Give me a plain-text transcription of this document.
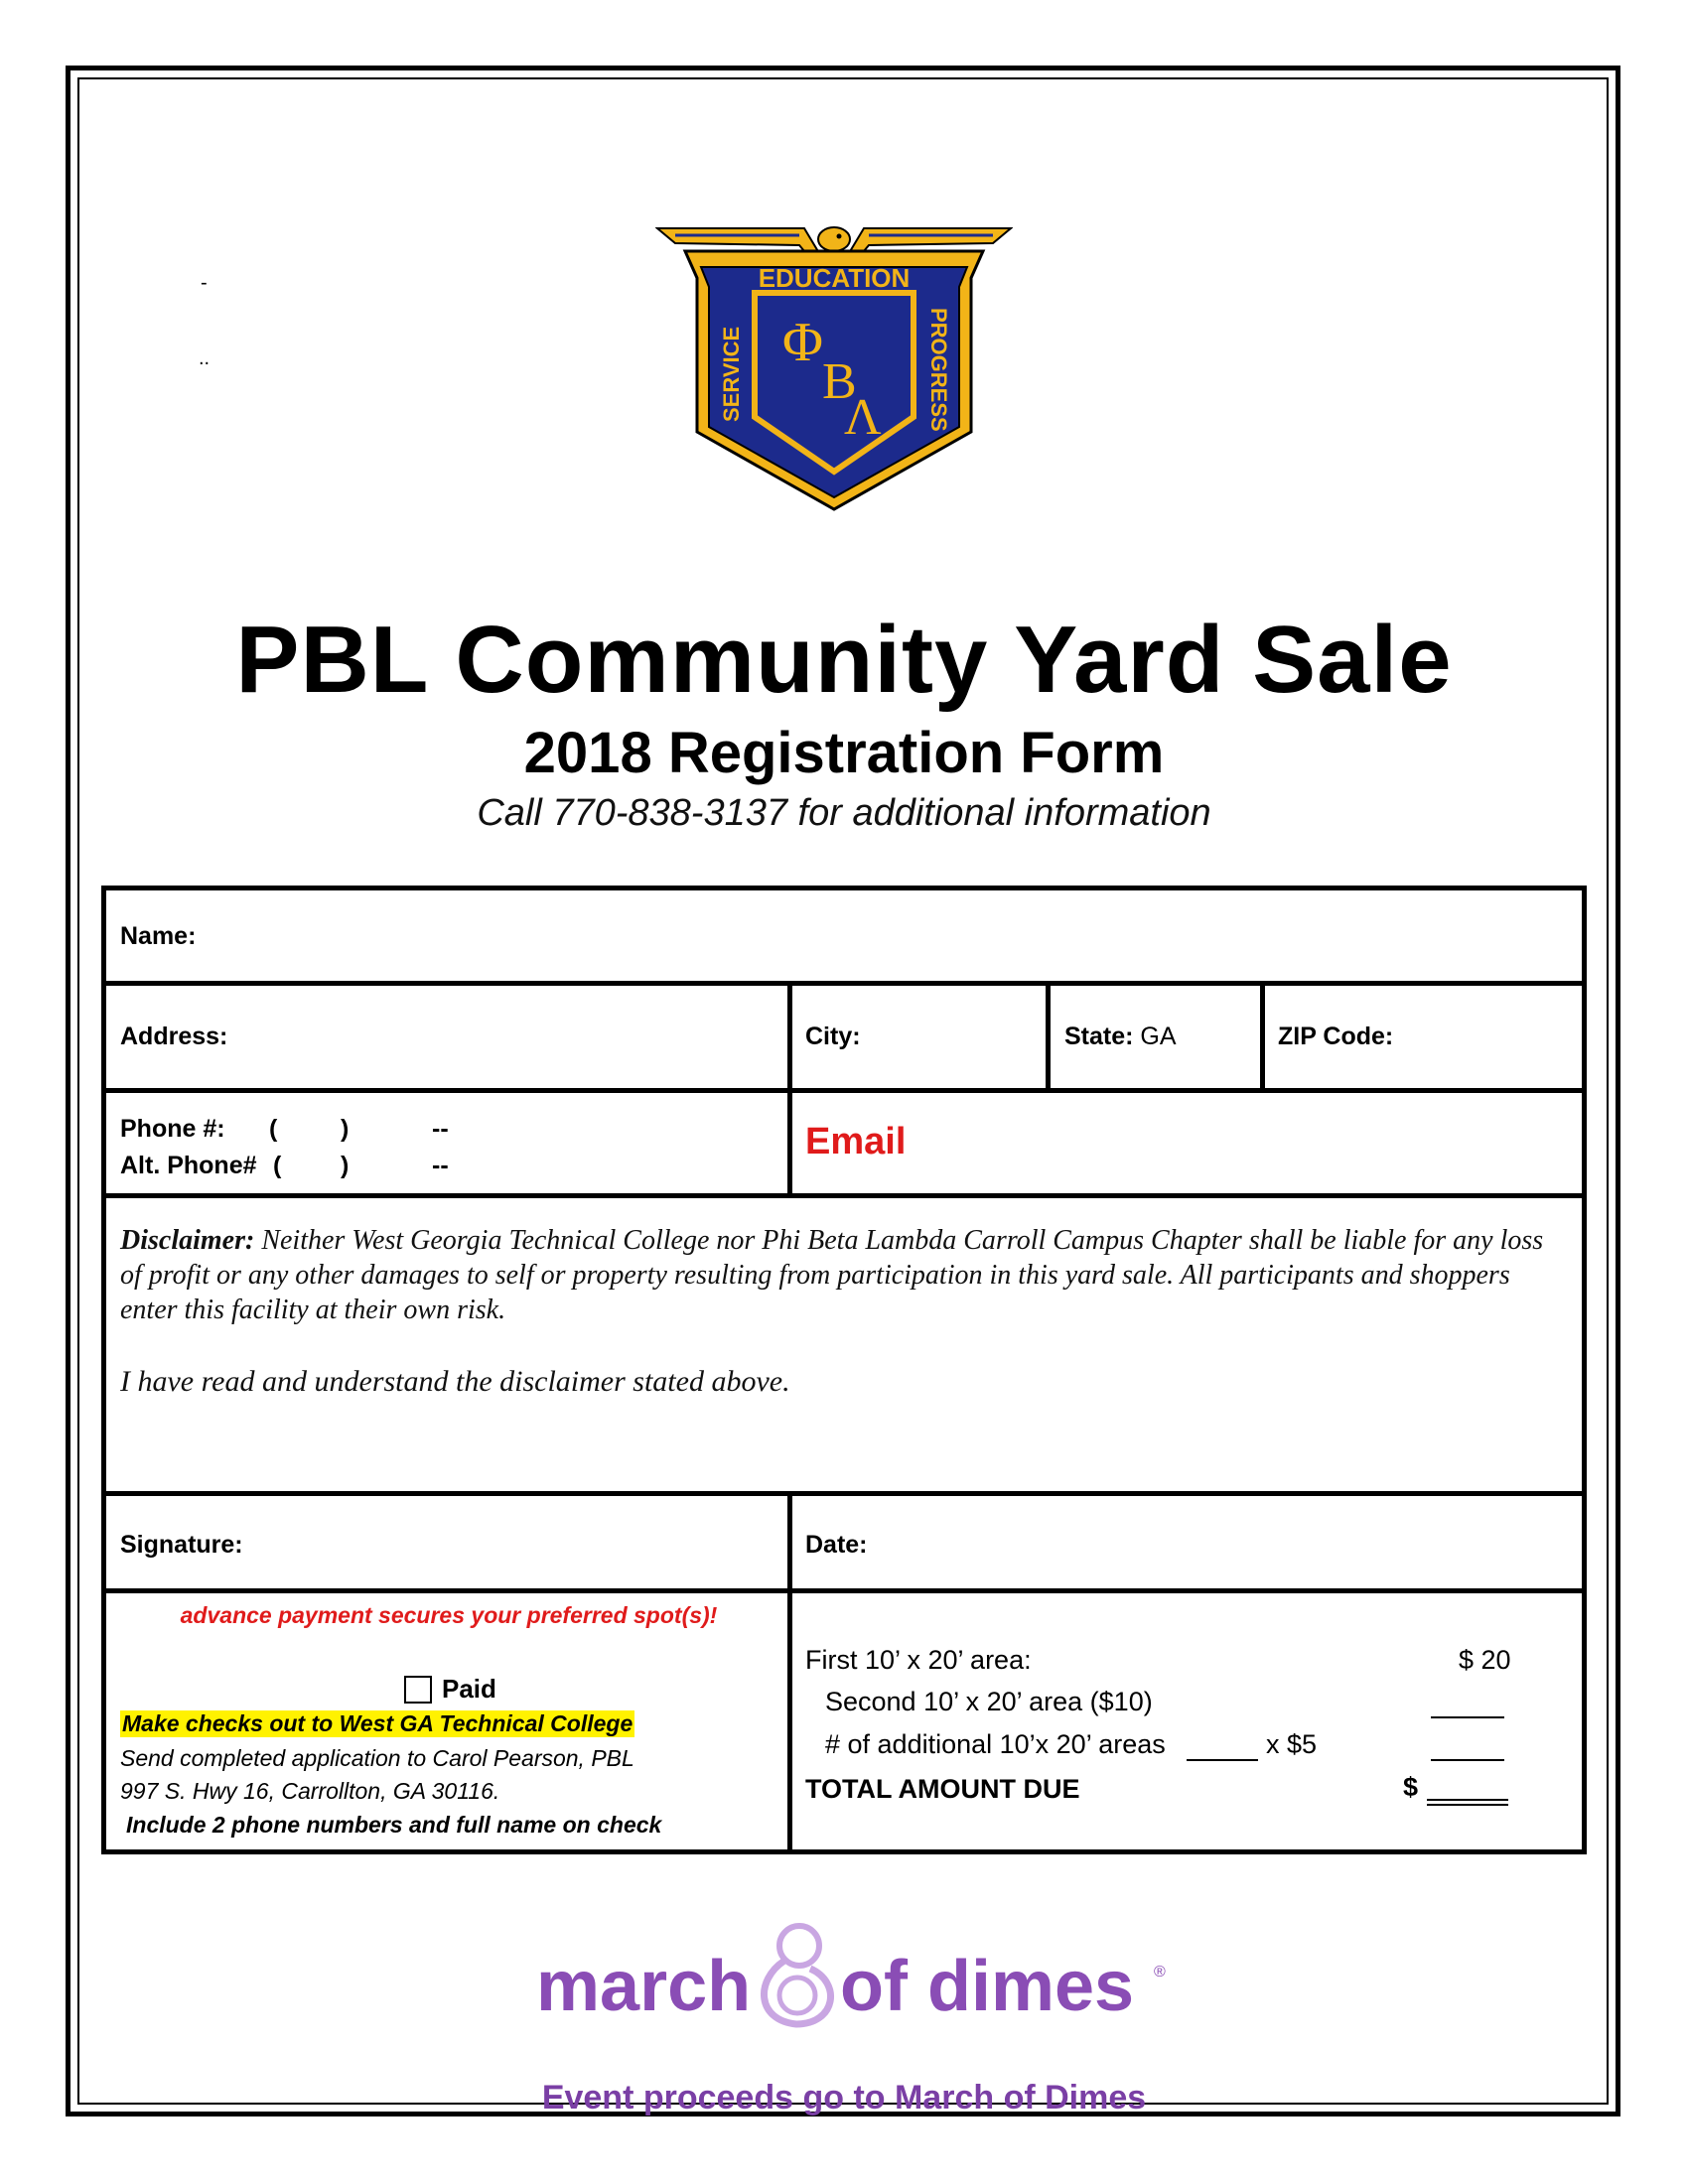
-
..
EDUCATION
SERVICE	PROGRESS
Φ
B
Λ
PBL Community Yard Sale
2018 Registration Form
Call 770-838-3137 for additional information
Name:
Address:	City:	State: GA	ZIP Code:
Phone #: (	)	--
Alt. Phone# ( )	--
Email
Disclaimer: Neither West Georgia Technical College nor Phi Beta Lambda Carroll Campus Chapter shall be liable for any loss of profit or any other damages to self or property resulting from participation in this yard sale. All participants and shoppers enter this facility at their own risk.
I have read and understand the disclaimer stated above.
Signature:	Date:
advance payment secures your preferred spot(s)!
Paid
Make checks out to West GA Technical College
Send completed application to Carol Pearson, PBL
997 S. Hwy 16, Carrollton, GA 30116.
Include 2 phone numbers and full name on check
First 10’ x 20’ area:	$ 20
Second 10’ x 20’ area ($10)
# of additional 10’x 20’ areas	x $5
TOTAL AMOUNT DUE	$
march of dimes ®
Event proceeds go to March of Dimes
